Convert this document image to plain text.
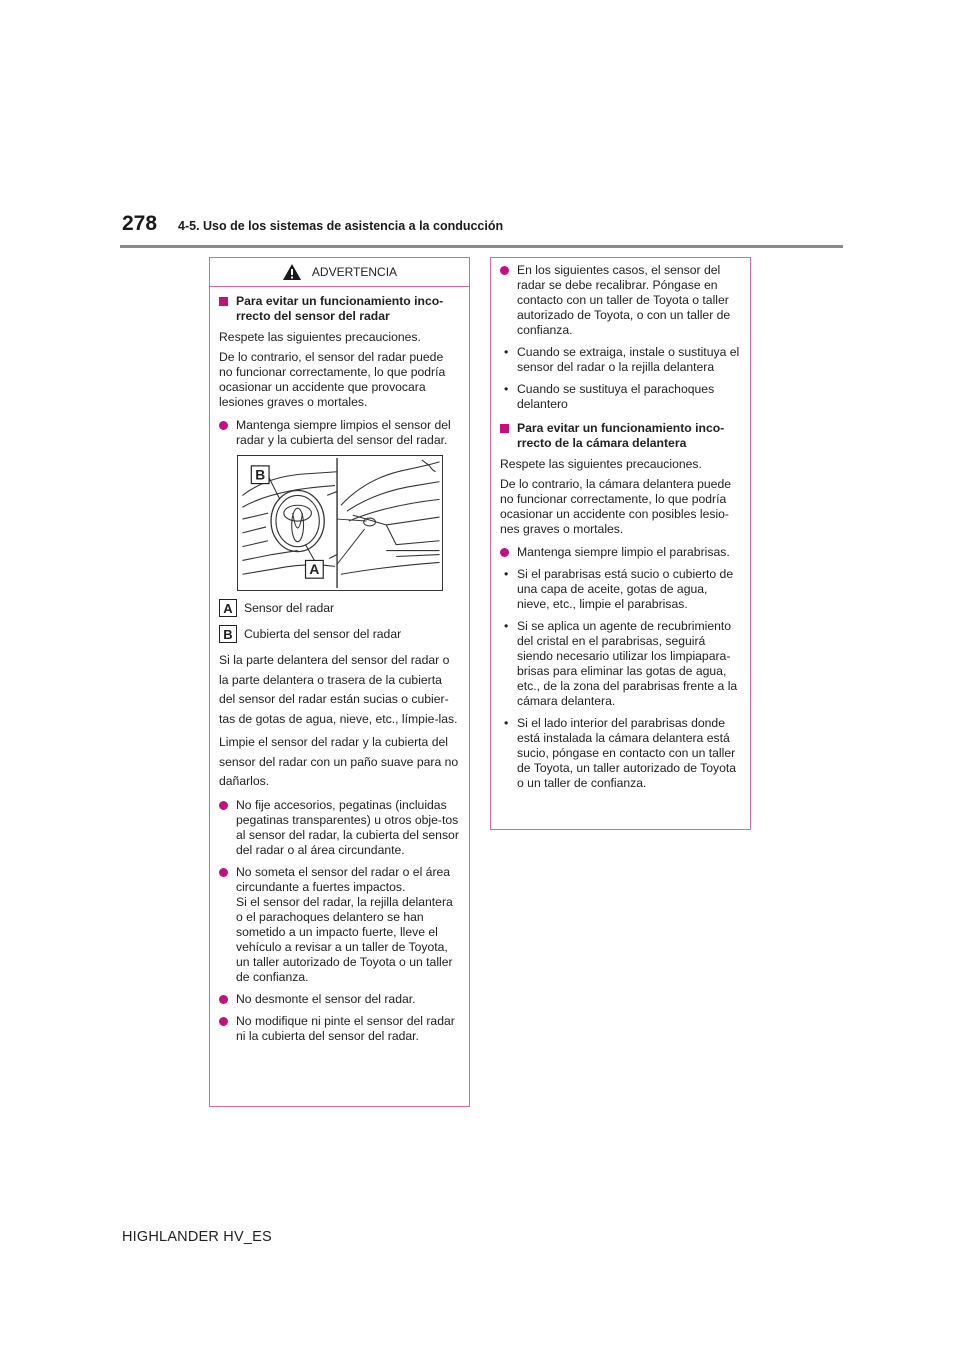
278 4-5. Uso de los sistemas de asistencia a la conducción
ADVERTENCIA
Para evitar un funcionamiento inco-rrecto del sensor del radar

Respete las siguientes precauciones.

De lo contrario, el sensor del radar puede no funcionar correctamente, lo que podría ocasionar un accidente que provocara lesiones graves o mortales.

Mantenga siempre limpios el sensor del radar y la cubierta del sensor del radar.
B
A
A Sensor del radar
B Cubierta del sensor del radar

Si la parte delantera del sensor del radar o la parte delantera o trasera de la cubierta del sensor del radar están sucias o cubier-tas de gotas de agua, nieve, etc., límpie-las.

Limpie el sensor del radar y la cubierta del sensor del radar con un paño suave para no dañarlos.

No fije accesorios, pegatinas (incluidas pegatinas transparentes) u otros obje-tos al sensor del radar, la cubierta del sensor del radar o al área circundante.
No someta el sensor del radar o el área circundante a fuertes impactos.
Si el sensor del radar, la rejilla delantera o el parachoques delantero se han sometido a un impacto fuerte, lleve el vehículo a revisar a un taller de Toyota, un taller autorizado de Toyota o un taller de confianza.
No desmonte el sensor del radar.
No modifique ni pinte el sensor del radar ni la cubierta del sensor del radar.
En los siguientes casos, el sensor del radar se debe recalibrar. Póngase en contacto con un taller de Toyota o taller autorizado de Toyota, o con un taller de confianza.
• Cuando se extraiga, instale o sustituya el sensor del radar o la rejilla delantera
• Cuando se sustituya el parachoques delantero
Para evitar un funcionamiento inco-rrecto de la cámara delantera

Respete las siguientes precauciones.

De lo contrario, la cámara delantera puede no funcionar correctamente, lo que podría ocasionar un accidente con posibles lesio-nes graves o mortales.

Mantenga siempre limpio el parabrisas.
• Si el parabrisas está sucio o cubierto de una capa de aceite, gotas de agua, nieve, etc., limpie el parabrisas.
• Si se aplica un agente de recubrimiento del cristal en el parabrisas, seguirá siendo necesario utilizar los limpiapara-brisas para eliminar las gotas de agua, etc., de la zona del parabrisas frente a la cámara delantera.
• Si el lado interior del parabrisas donde está instalada la cámara delantera está sucio, póngase en contacto con un taller de Toyota, un taller autorizado de Toyota o un taller de confianza.
HIGHLANDER HV_ES
